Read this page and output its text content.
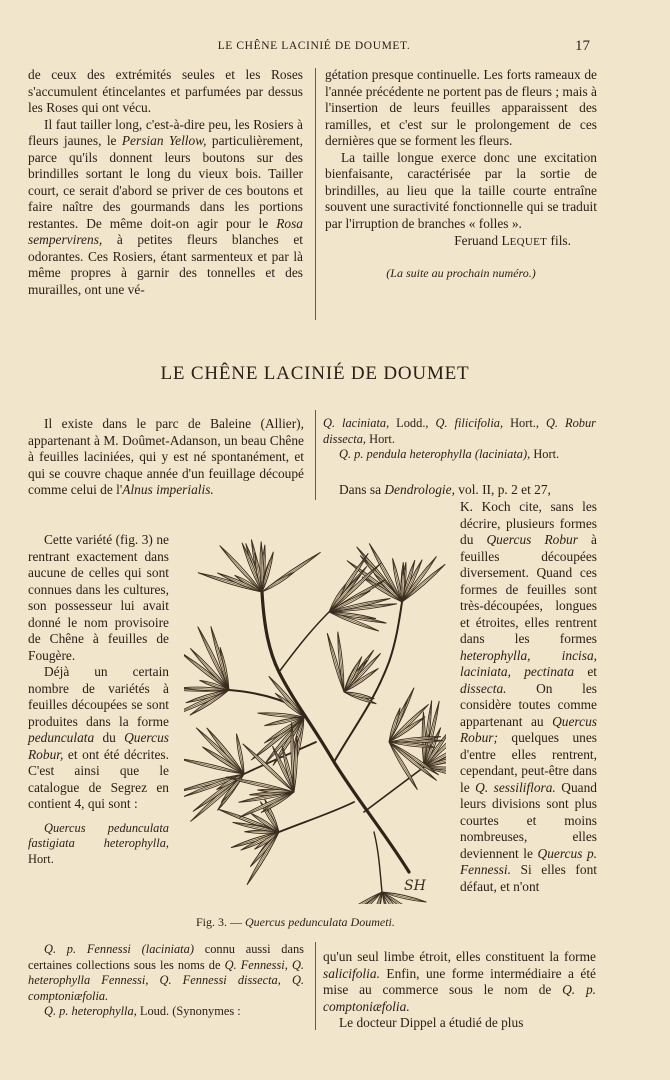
LE CHÊNE LACINIÉ DE DOUMET.	17

de ceux des extrémités seules et les Roses s'accumulent étincelantes et parfumées par dessus les Roses qui ont vécu.

Il faut tailler long, c'est-à-dire peu, les Rosiers à fleurs jaunes, le Persian Yellow, particulièrement, parce qu'ils donnent leurs boutons sur des brindilles sortant le long du vieux bois. Tailler court, ce serait d'abord se priver de ces boutons et faire naître des gourmands dans les portions restantes. De même doit-on agir pour le Rosa sempervirens, à petites fleurs blanches et odorantes. Ces Rosiers, étant sarmenteux et par là même propres à garnir des tonnelles et des murailles, ont une vé-

gétation presque continuelle. Les forts rameaux de l'année précédente ne portent pas de fleurs ; mais à l'insertion de leurs feuilles apparaissent des ramilles, et c'est sur le prolongement de ces dernières que se forment les fleurs.

La taille longue exerce donc une excitation bienfaisante, caractérisée par la sortie de brindilles, au lieu que la taille courte entraîne souvent une suractivité fonctionnelle qui se traduit par l'irruption de branches « folles ».

Feruand LEQUET fils.

(La suite au prochain numéro.)

LE CHÊNE LACINIÉ DE DOUMET

Il existe dans le parc de Baleine (Allier), appartenant à M. Doûmet-Adanson, un beau Chêne à feuilles laciniées, qui y est né spontanément, et qui se couvre chaque année d'un feuillage découpé comme celui de l'Alnus imperialis.

Cette variété (fig. 3) ne rentrant exactement dans aucune de celles qui sont connues dans les cultures, son possesseur lui avait donné le nom provisoire de Chêne à feuilles de Fougère.

Déjà un certain nombre de variétés à feuilles découpées se sont produites dans la forme pedunculata du Quercus Robur, et ont été décrites. C'est ainsi que le catalogue de Segrez en contient 4, qui sont :

Quercus pedunculata fastigiata heterophylla, Hort.

Q. p. Fennessi (laciniata) connu aussi dans certaines collections sous les noms de Q. Fennessi, Q. heterophylla Fennessi, Q. Fennessi dissecta, Q. comptoniæfolia.

Q. p. heterophylla, Loud. (Synonymes :

Q. laciniata, Lodd., Q. filicifolia, Hort., Q. Robur dissecta, Hort.

Q. p. pendula heterophylla (laciniata), Hort.

Dans sa Dendrologie, vol. II, p. 2 et 27,

K. Koch cite, sans les décrire, plusieurs formes du Quercus Robur à feuilles découpées diversement. Quand ces formes de feuilles sont très-découpées, longues et étroites, elles rentrent dans les formes heterophylla, incisa, laciniata, pectinata et dissecta. On les considère toutes comme appartenant au Quercus Robur; quelques unes d'entre elles rentrent, cependant, peut-être dans le Q. sessiliflora. Quand leurs divisions sont plus courtes et moins nombreuses, elles deviennent le Quercus p. Fennessi. Si elles font défaut, et n'ont

qu'un seul limbe étroit, elles constituent la forme salicifolia. Enfin, une forme intermédiaire a été mise au commerce sous le nom de Q. p. comptoniæfolia.

Le docteur Dippel a étudié de plus

SH
Fig. 3. — Quercus pedunculata Doumeti.
